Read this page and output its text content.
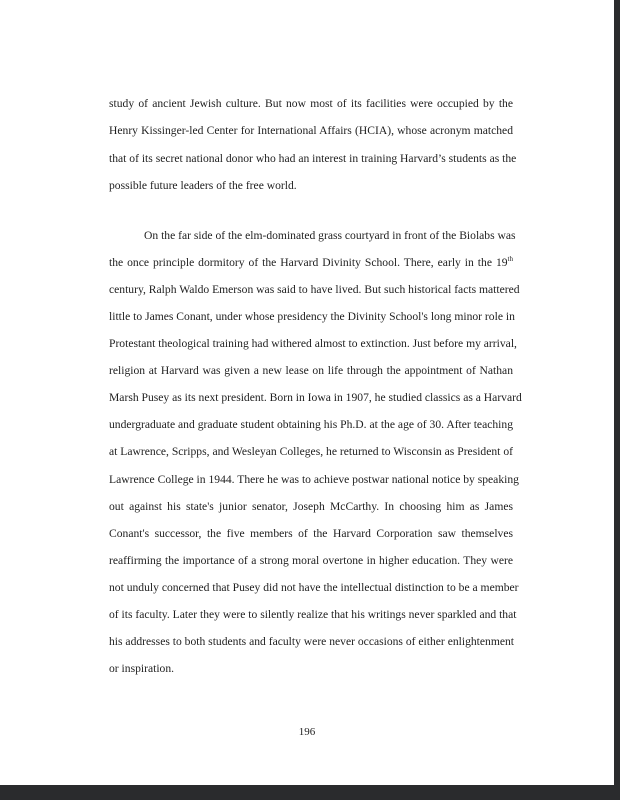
study of ancient Jewish culture. But now most of its facilities were occupied by the
Henry Kissinger-led Center for International Affairs (HCIA), whose acronym matched
that of its secret national donor who had an interest in training Harvard’s students as the
possible future leaders of the free world.
On the far side of the elm-dominated grass courtyard in front of the Biolabs was
the once principle dormitory of the Harvard Divinity School. There, early in the 19th
century, Ralph Waldo Emerson was said to have lived. But such historical facts mattered
little to James Conant, under whose presidency the Divinity School's long minor role in
Protestant theological training had withered almost to extinction. Just before my arrival,
religion at Harvard was given a new lease on life through the appointment of Nathan
Marsh Pusey as its next president. Born in Iowa in 1907, he studied classics as a Harvard
undergraduate and graduate student obtaining his Ph.D. at the age of 30. After teaching
at Lawrence, Scripps, and Wesleyan Colleges, he returned to Wisconsin as President of
Lawrence College in 1944. There he was to achieve postwar national notice by speaking
out against his state's junior senator, Joseph McCarthy. In choosing him as James
Conant's successor, the five members of the Harvard Corporation saw themselves
reaffirming the importance of a strong moral overtone in higher education. They were
not unduly concerned that Pusey did not have the intellectual distinction to be a member
of its faculty. Later they were to silently realize that his writings never sparkled and that
his addresses to both students and faculty were never occasions of either enlightenment
or inspiration.
196
